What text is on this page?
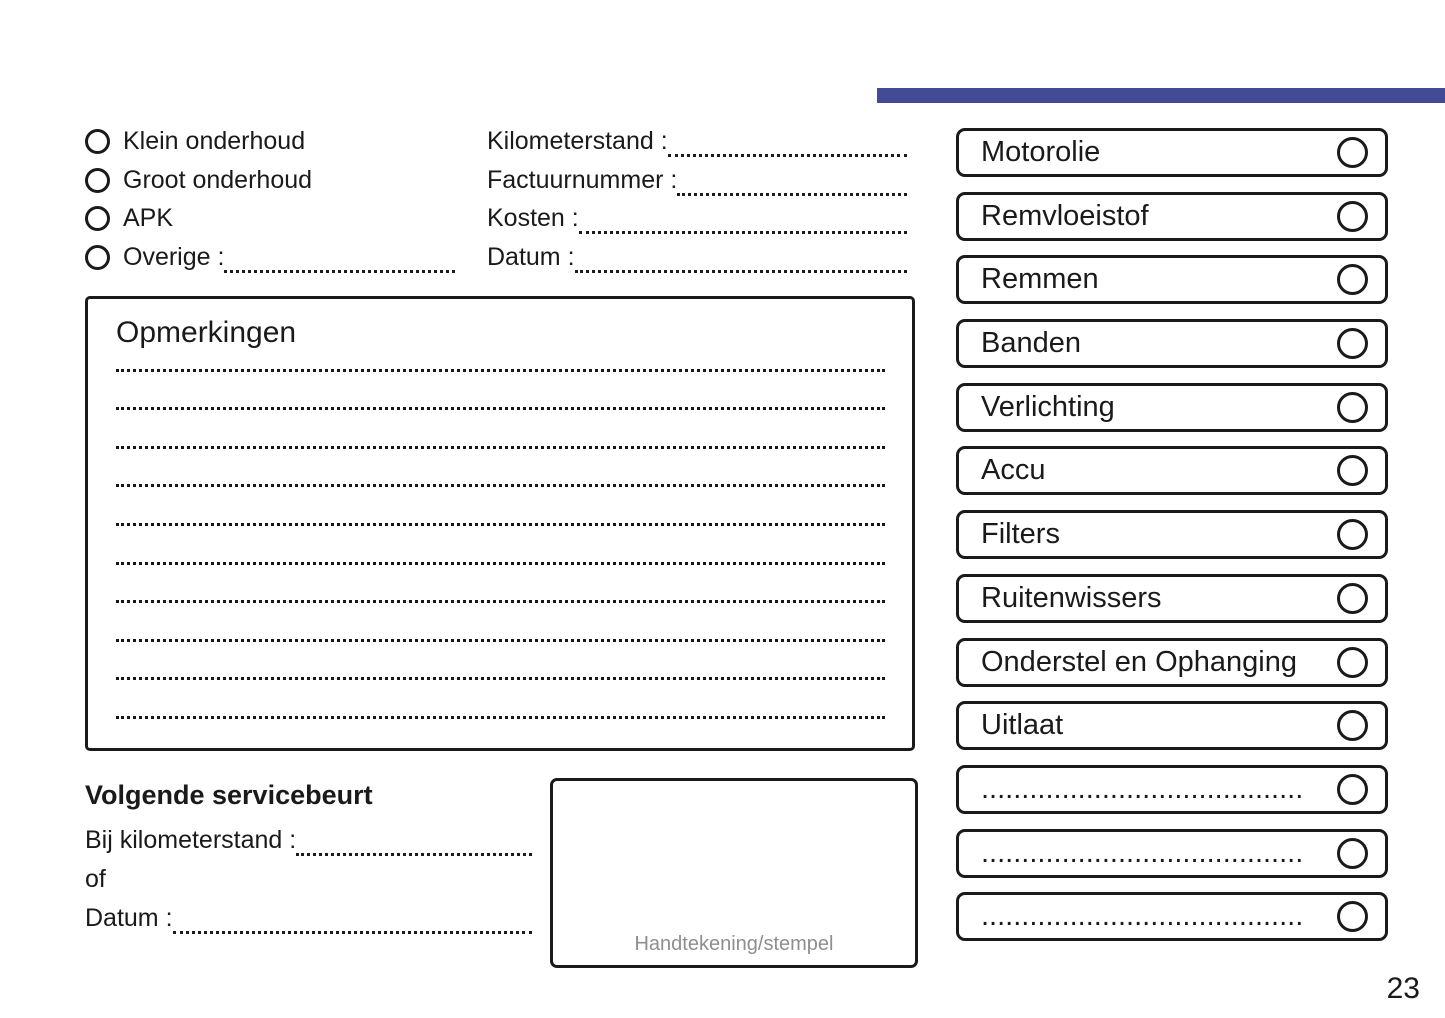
Klein onderhoud
Groot onderhoud
APK
Overige :
Kilometerstand :
Factuurnummer :
Kosten :
Datum :
Opmerkingen
Volgende servicebeurt
Bij kilometerstand :
of
Datum :
Handtekening/stempel
Motorolie
Remvloeistof
Remmen
Banden
Verlichting
Accu
Filters
Ruitenwissers
Onderstel en Ophanging
Uitlaat
........................................
........................................
........................................
23
